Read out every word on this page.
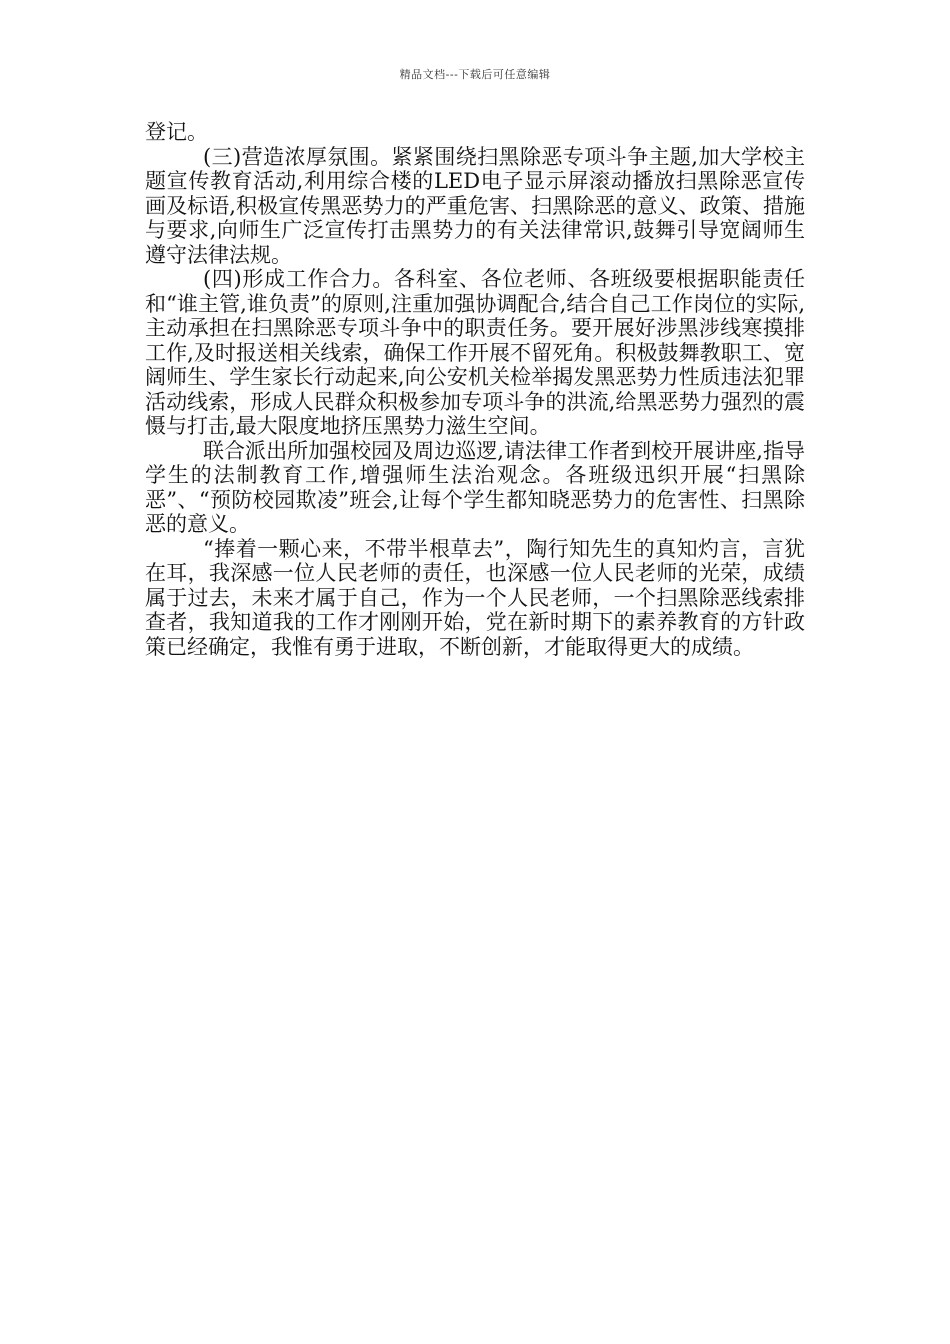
精品文档---下载后可任意编辑

登记。

(三)营造浓厚氛围。紧紧围绕扫黑除恶专项斗争主题,加大学校主题宣传教育活动,利用综合楼的LED电子显示屏滚动播放扫黑除恶宣传画及标语,积极宣传黑恶势力的严重危害、扫黑除恶的意义、政策、措施与要求,向师生广泛宣传打击黑势力的有关法律常识,鼓舞引导宽阔师生遵守法律法规。

(四)形成工作合力。各科室、各位老师、各班级要根据职能责任和“谁主管,谁负责”的原则,注重加强协调配合,结合自己工作岗位的实际,主动承担在扫黑除恶专项斗争中的职责任务。要开展好涉黑涉线寒摸排工作,及时报送相关线索，确保工作开展不留死角。积极鼓舞教职工、宽阔师生、学生家长行动起来,向公安机关检举揭发黑恶势力性质违法犯罪活动线索，形成人民群众积极参加专项斗争的洪流,给黑恶势力强烈的震慑与打击,最大限度地挤压黑势力滋生空间。

联合派出所加强校园及周边巡逻,请法律工作者到校开展讲座,指导学生的法制教育工作,增强师生法治观念。各班级迅织开展“扫黑除恶”、“预防校园欺凌”班会,让每个学生都知晓恶势力的危害性、扫黑除恶的意义。

“捧着一颗心来，不带半根草去”，陶行知先生的真知灼言，言犹在耳，我深感一位人民老师的责任，也深感一位人民老师的光荣，成绩属于过去，未来才属于自己，作为一个人民老师，一个扫黑除恶线索排查者，我知道我的工作才刚刚开始，党在新时期下的素养教育的方针政策已经确定，我惟有勇于进取，不断创新，才能取得更大的成绩。
